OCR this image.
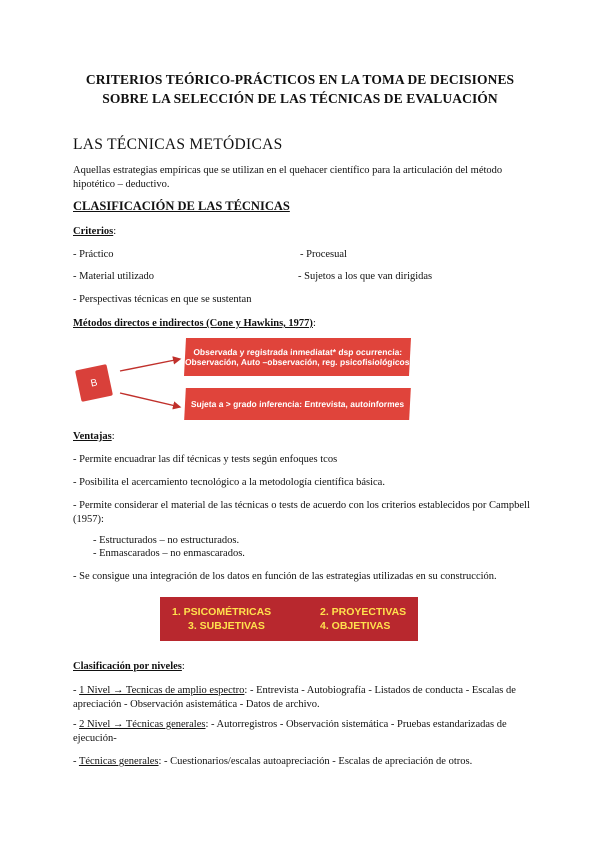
CRITERIOS TEÓRICO-PRÁCTICOS EN LA TOMA DE DECISIONES
SOBRE LA SELECCIÓN DE LAS TÉCNICAS DE EVALUACIÓN
LAS TÉCNICAS METÓDICAS
Aquellas estrategias empíricas que se utilizan en el quehacer científico para la articulación del método hipotético – deductivo.
CLASIFICACIÓN DE LAS TÉCNICAS
Criterios:
- Práctico	- Procesual
- Material utilizado	- Sujetos a los que van dirigidas
- Perspectivas técnicas en que se sustentan
Métodos directos e indirectos (Cone y Hawkins, 1977):
B
Observada y registrada inmediatat* dsp ocurrencia: Observación, Auto –observación, reg. psicofisiológicos
Sujeta a > grado inferencia: Entrevista, autoinformes
Ventajas:
- Permite encuadrar las dif técnicas y tests según enfoques tcos
- Posibilita el acercamiento tecnológico a la metodología científica básica.
- Permite considerar el material de las técnicas o tests de acuerdo con los criterios establecidos por Campbell (1957):
- Estructurados – no estructurados.
- Enmascarados – no enmascarados.
- Se consigue una integración de los datos en función de las estrategias utilizadas en su construcción.
1. PSICOMÉTRICAS	2. PROYECTIVAS
3. SUBJETIVAS	4. OBJETIVAS
Clasificación por niveles:
- 1 Nivel → Tecnicas de amplio espectro: - Entrevista - Autobiografía - Listados de conducta - Escalas de apreciación - Observación asistemática - Datos de archivo.
- 2 Nivel → Técnicas generales: - Autorregistros - Observación sistemática - Pruebas estandarizadas de ejecución-
- Técnicas generales: - Cuestionarios/escalas autoapreciación - Escalas de apreciación de otros.
